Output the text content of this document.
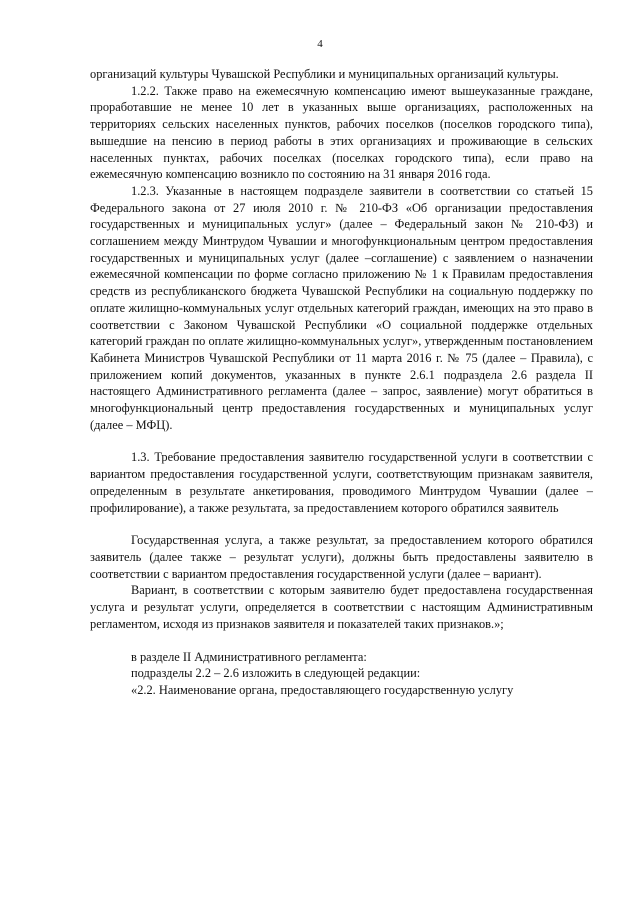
4

организаций культуры Чувашской Республики и муниципальных организаций культуры.

1.2.2. Также право на ежемесячную компенсацию имеют вышеуказанные граждане, проработавшие не менее 10 лет в указанных выше организациях, расположенных на территориях сельских населенных пунктов, рабочих поселков (поселков городского типа), вышедшие на пенсию в период работы в этих организациях и проживающие в сельских населенных пунктах, рабочих поселках (поселках городского типа), если право на ежемесячную компенсацию возникло по состоянию на 31 января 2016 года.

1.2.3. Указанные в настоящем подразделе заявители в соответствии со статьей 15 Федерального закона от 27 июля 2010 г. № 210-ФЗ «Об организации предоставления государственных и муниципальных услуг» (далее – Федеральный закон № 210-ФЗ) и соглашением между Минтрудом Чувашии и многофункциональным центром предоставления государственных и муниципальных услуг (далее –соглашение) с заявлением о назначении ежемесячной компенсации по форме согласно приложению № 1 к Правилам предоставления средств из республиканского бюджета Чувашской Республики на социальную поддержку по оплате жилищно-коммунальных услуг отдельных категорий граждан, имеющих на это право в соответствии с Законом Чувашской Республики «О социальной поддержке отдельных категорий граждан по оплате жилищно-коммунальных услуг», утвержденным постановлением Кабинета Министров Чувашской Республики от 11 марта 2016 г. № 75 (далее – Правила), с приложением копий документов, указанных в пункте 2.6.1 подраздела 2.6 раздела II настоящего Административного регламента (далее – запрос, заявление) могут обратиться в многофункциональный центр предоставления государственных и муниципальных услуг (далее – МФЦ).

1.3. Требование предоставления заявителю государственной услуги в соответствии с вариантом предоставления государственной услуги, соответствующим признакам заявителя, определенным в результате анкетирования, проводимого Минтрудом Чувашии (далее – профилирование), а также результата, за предоставлением которого обратился заявитель

Государственная услуга, а также результат, за предоставлением которого обратился заявитель (далее также – результат услуги), должны быть предоставлены заявителю в соответствии с вариантом предоставления государственной услуги (далее – вариант).

Вариант, в соответствии с которым заявителю будет предоставлена государственная услуга и результат услуги, определяется в соответствии с настоящим Административным регламентом, исходя из признаков заявителя и показателей таких признаков.»;

в разделе II Административного регламента:

подразделы 2.2 – 2.6 изложить в следующей редакции:

«2.2. Наименование органа, предоставляющего государственную услугу
